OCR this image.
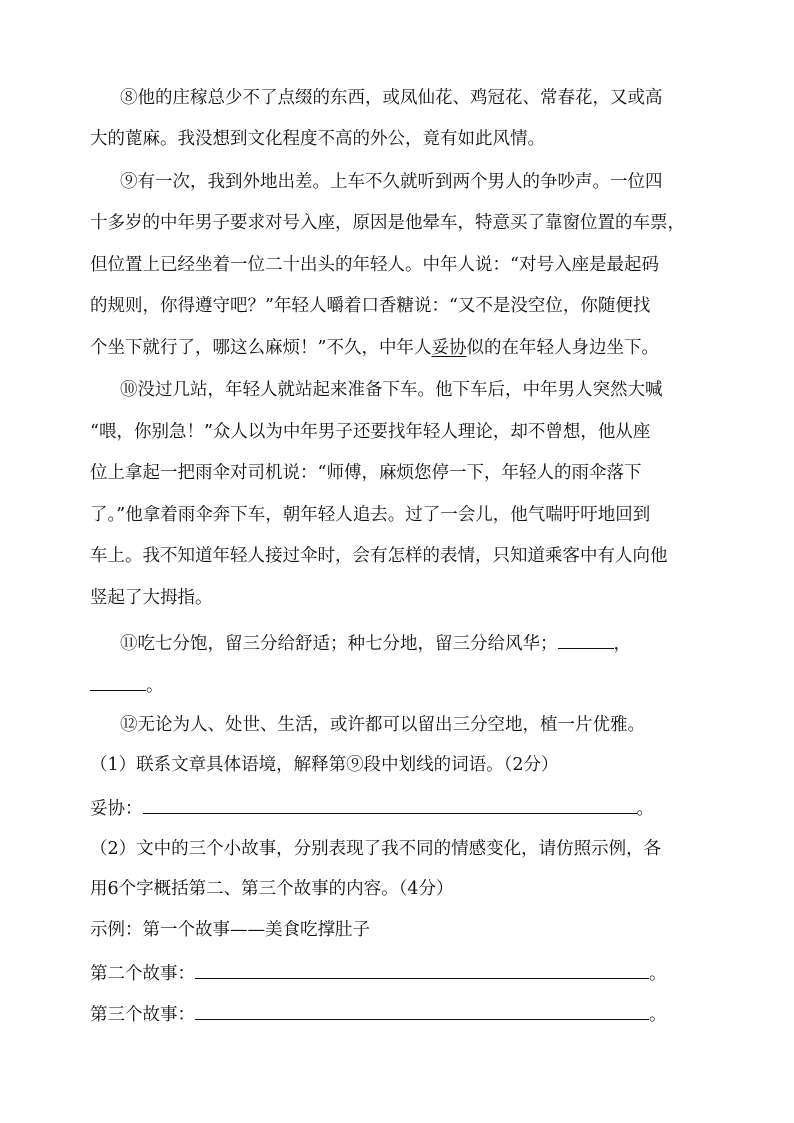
⑧他的庄稼总少不了点缀的东西，或凤仙花、鸡冠花、常春花，又或高
大的蓖麻。我没想到文化程度不高的外公，竟有如此风情。
⑨有一次，我到外地出差。上车不久就听到两个男人的争吵声。一位四
十多岁的中年男子要求对号入座，原因是他晕车，特意买了靠窗位置的车票，
但位置上已经坐着一位二十出头的年轻人。中年人说：“对号入座是最起码
的规则，你得遵守吧？”年轻人嚼着口香糖说：“又不是没空位，你随便找
个坐下就行了，哪这么麻烦！”不久，中年人妥协似的在年轻人身边坐下。
⑩没过几站，年轻人就站起来准备下车。他下车后，中年男人突然大喊
“喂，你别急！”众人以为中年男子还要找年轻人理论，却不曾想，他从座
位上拿起一把雨伞对司机说：“师傅，麻烦您停一下，年轻人的雨伞落下
了。”他拿着雨伞奔下车，朝年轻人追去。过了一会儿，他气喘吁吁地回到
车上。我不知道年轻人接过伞时，会有怎样的表情，只知道乘客中有人向他
竖起了大拇指。
⑪吃七分饱，留三分给舒适；种七分地，留三分给风华；	，
。
⑫无论为人、处世、生活，或许都可以留出三分空地，植一片优雅。
（1）联系文章具体语境，解释第⑨段中划线的词语。（2分）
妥协：	。
（2）文中的三个小故事，分别表现了我不同的情感变化，请仿照示例，各
用6个字概括第二、第三个故事的内容。（4分）
示例：第一个故事——美食吃撑肚子
第二个故事：	。
第三个故事：	。
